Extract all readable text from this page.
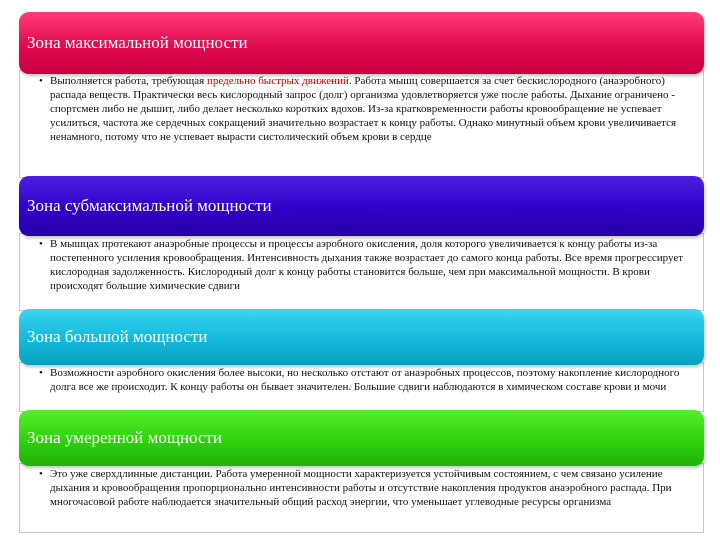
Зона максимальной мощности

• Выполняется работа, требующая предельно быстрых движений. Работа мышц совершается за счет бескислородного (анаэробного) распада веществ. Практически весь кислородный запрос (долг) организма удовлетворяется уже после работы. Дыхание ограничено - спортсмен либо не дышит, либо делает несколько коротких вдохов. Из-за кратковременности работы кровообращение не успевает усилиться, частота же сердечных сокращений значительно возрастает к концу работы. Однако минутный объем крови увеличивается ненамного, потому что не успевает вырасти систолический объем крови в сердце

Зона субмаксимальной мощности

• В мышцах протекают анаэробные процессы и процессы аэробного окисления, доля которого увеличивается к концу работы из-за постепенного усиления кровообращения. Интенсивность дыхания также возрастает до самого конца работы. Все время прогрессирует кислородная задолженность. Кислородный долг к концу работы становится больше, чем при максимальной мощности. В крови происходят большие химические сдвиги

Зона большой мощности

• Возможности аэробного окисления более высоки, но несколько отстают от анаэробных процессов, поэтому накопление кислородного долга все же происходит. К концу работы он бывает значителен. Большие сдвиги наблюдаются в химическом составе крови и мочи

Зона умеренной мощности

• Это уже сверхдлинные дистанции. Работа умеренной мощности характеризуется устойчивым состоянием, с чем связано усиление дыхания и кровообращения пропорционально интенсивности работы и отсутствие накопления продуктов анаэробного распада. При многочасовой работе наблюдается значительный общий расход энергии, что уменьшает углеводные ресурсы организма
